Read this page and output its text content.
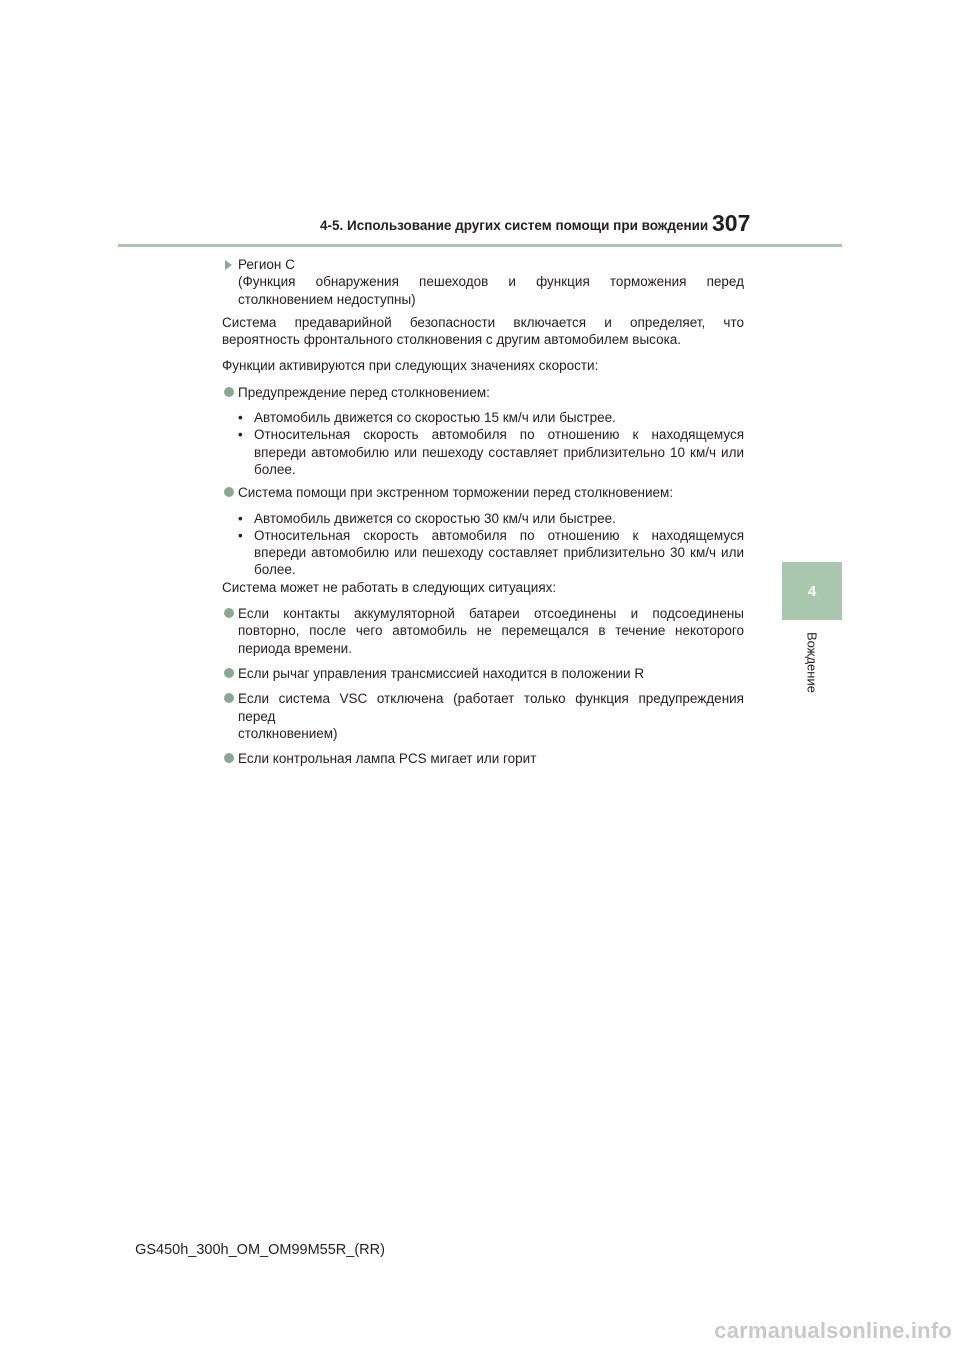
4-5. Использование других систем помощи при вождении 307
4
Вождение
Регион C
(Функция обнаружения пешеходов и функция торможения перед
столкновением недоступны)
Система предаварийной безопасности включается и определяет, что
вероятность фронтального столкновения с другим автомобилем высока.
Функции активируются при следующих значениях скорости:
Предупреждение перед столкновением:
• Автомобиль движется со скоростью 15 км/ч или быстрее.
• Относительная скорость автомобиля по отношению к находящемуся
впереди автомобилю или пешеходу составляет приблизительно 10 км/ч или
более.
Система помощи при экстренном торможении перед столкновением:
• Автомобиль движется со скоростью 30 км/ч или быстрее.
• Относительная скорость автомобиля по отношению к находящемуся
впереди автомобилю или пешеходу составляет приблизительно 30 км/ч или
более.
Система может не работать в следующих ситуациях:
Если контакты аккумуляторной батареи отсоединены и подсоединены
повторно, после чего автомобиль не перемещался в течение некоторого
периода времени.
Если рычаг управления трансмиссией находится в положении R
Если система VSC отключена (работает только функция предупреждения перед
столкновением)
Если контрольная лампа PCS мигает или горит
GS450h_300h_OM_OM99M55R_(RR)
carmanualsonline.info
